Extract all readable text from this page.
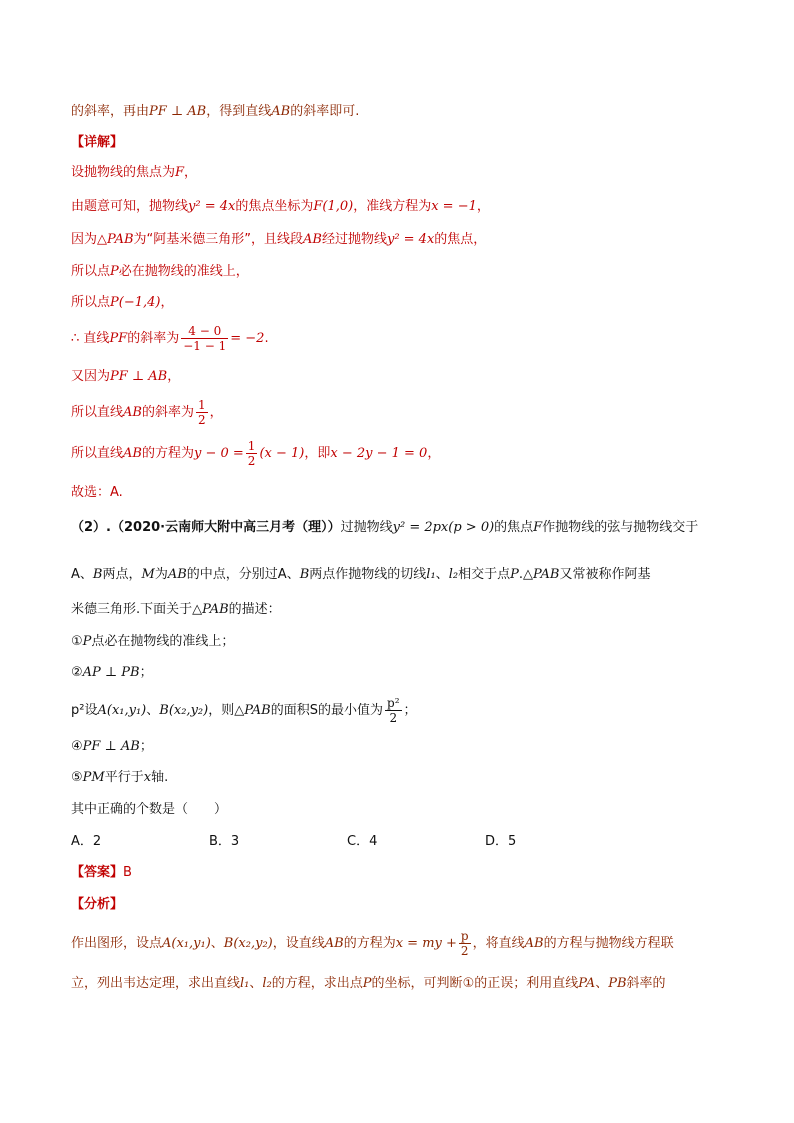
的斜率，再由PF ⊥ AB，得到直线AB的斜率即可.
【详解】
设抛物线的焦点为F，
由题意可知，抛物线y² = 4x的焦点坐标为F(1,0)，准线方程为x = −1，
因为△PAB为“阿基米德三角形”，且线段AB经过抛物线y² = 4x的焦点，
所以点P必在抛物线的准线上，
所以点P(−1,4)，
∴ 直线PF的斜率为 $\frac{4 - 0}{-1 - 1} = -2$.
又因为PF ⊥ AB，
所以直线AB的斜率为 $\frac{1}{2}$ ，
所以直线AB的方程为$y - 0 = \frac{1}{2} (x - 1)$，即x − 2y − 1 = 0，
故选：A.
（2）.（2020·云南师大附中高三月考（理））过抛物线y² = 2px(p > 0)的焦点F作抛物线的弦与抛物线交于
A、B两点，M为AB的中点，分别过A、B两点作抛物线的切线l₁、l₂相交于点P.△PAB又常被称作阿基
米德三角形.下面关于△PAB的描述：
①P点必在抛物线的准线上；
②AP ⊥ PB；
p²设A(x₁,y₁)、B(x₂,y₂)，则△PAB的面积S的最小值为 $\frac{\text{p²}}{2}$ ；
④PF ⊥ AB；
⑤PM平行于x轴.
其中正确的个数是（　　）
A．2	B．3	C．4	D．5
【答案】B
【分析】
作出图形，设点A(x₁,y₁)、B(x₂,y₂)，设直线AB的方程为x = my + $\frac{p}{2}$ ，将直线AB的方程与抛物线方程联
立，列出韦达定理，求出直线l₁、l₂的方程，求出点P的坐标，可判断①的正误；利用直线PA、PB斜率的
